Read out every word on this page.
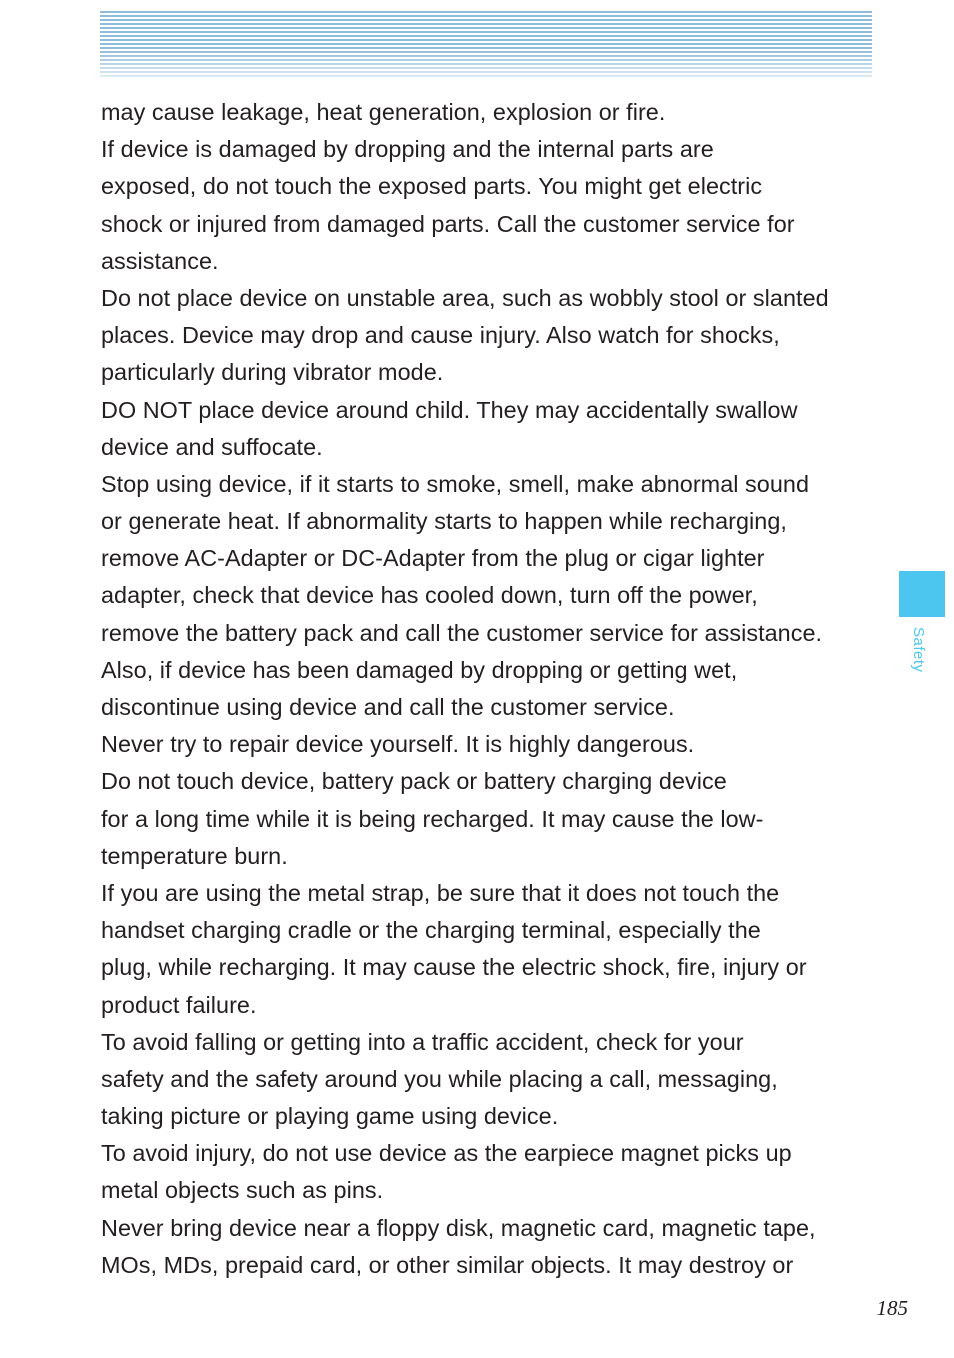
may cause leakage, heat generation, explosion or fire.
If device is damaged by dropping and the internal parts are
exposed, do not touch the exposed parts. You might get electric
shock or injured from damaged parts. Call the customer service for
assistance.
Do not place device on unstable area, such as wobbly stool or slanted
places. Device may drop and cause injury. Also watch for shocks,
particularly during vibrator mode.
DO NOT place device around child. They may accidentally swallow
device and suffocate.
Stop using device, if it starts to smoke, smell, make abnormal sound
or generate heat. If abnormality starts to happen while recharging,
remove AC-Adapter or DC-Adapter from the plug or cigar lighter
adapter, check that device has cooled down, turn off the power,
remove the battery pack and call the customer service for assistance.
Also, if device has been damaged by dropping or getting wet,
discontinue using device and call the customer service.
Never try to repair device yourself. It is highly dangerous.
Do not touch device, battery pack or battery charging device
for a long time while it is being recharged. It may cause the low-
temperature burn.
If you are using the metal strap, be sure that it does not touch the
handset charging cradle or the charging terminal, especially the
plug, while recharging. It may cause the electric shock, fire, injury or
product failure.
To avoid falling or getting into a traffic accident, check for your
safety and the safety around you while placing a call, messaging,
taking picture or playing game using device.
To avoid injury, do not use device as the earpiece magnet picks up
metal objects such as pins.
Never bring device near a floppy disk, magnetic card, magnetic tape,
MOs, MDs, prepaid card, or other similar objects. It may destroy or
Safety
185
